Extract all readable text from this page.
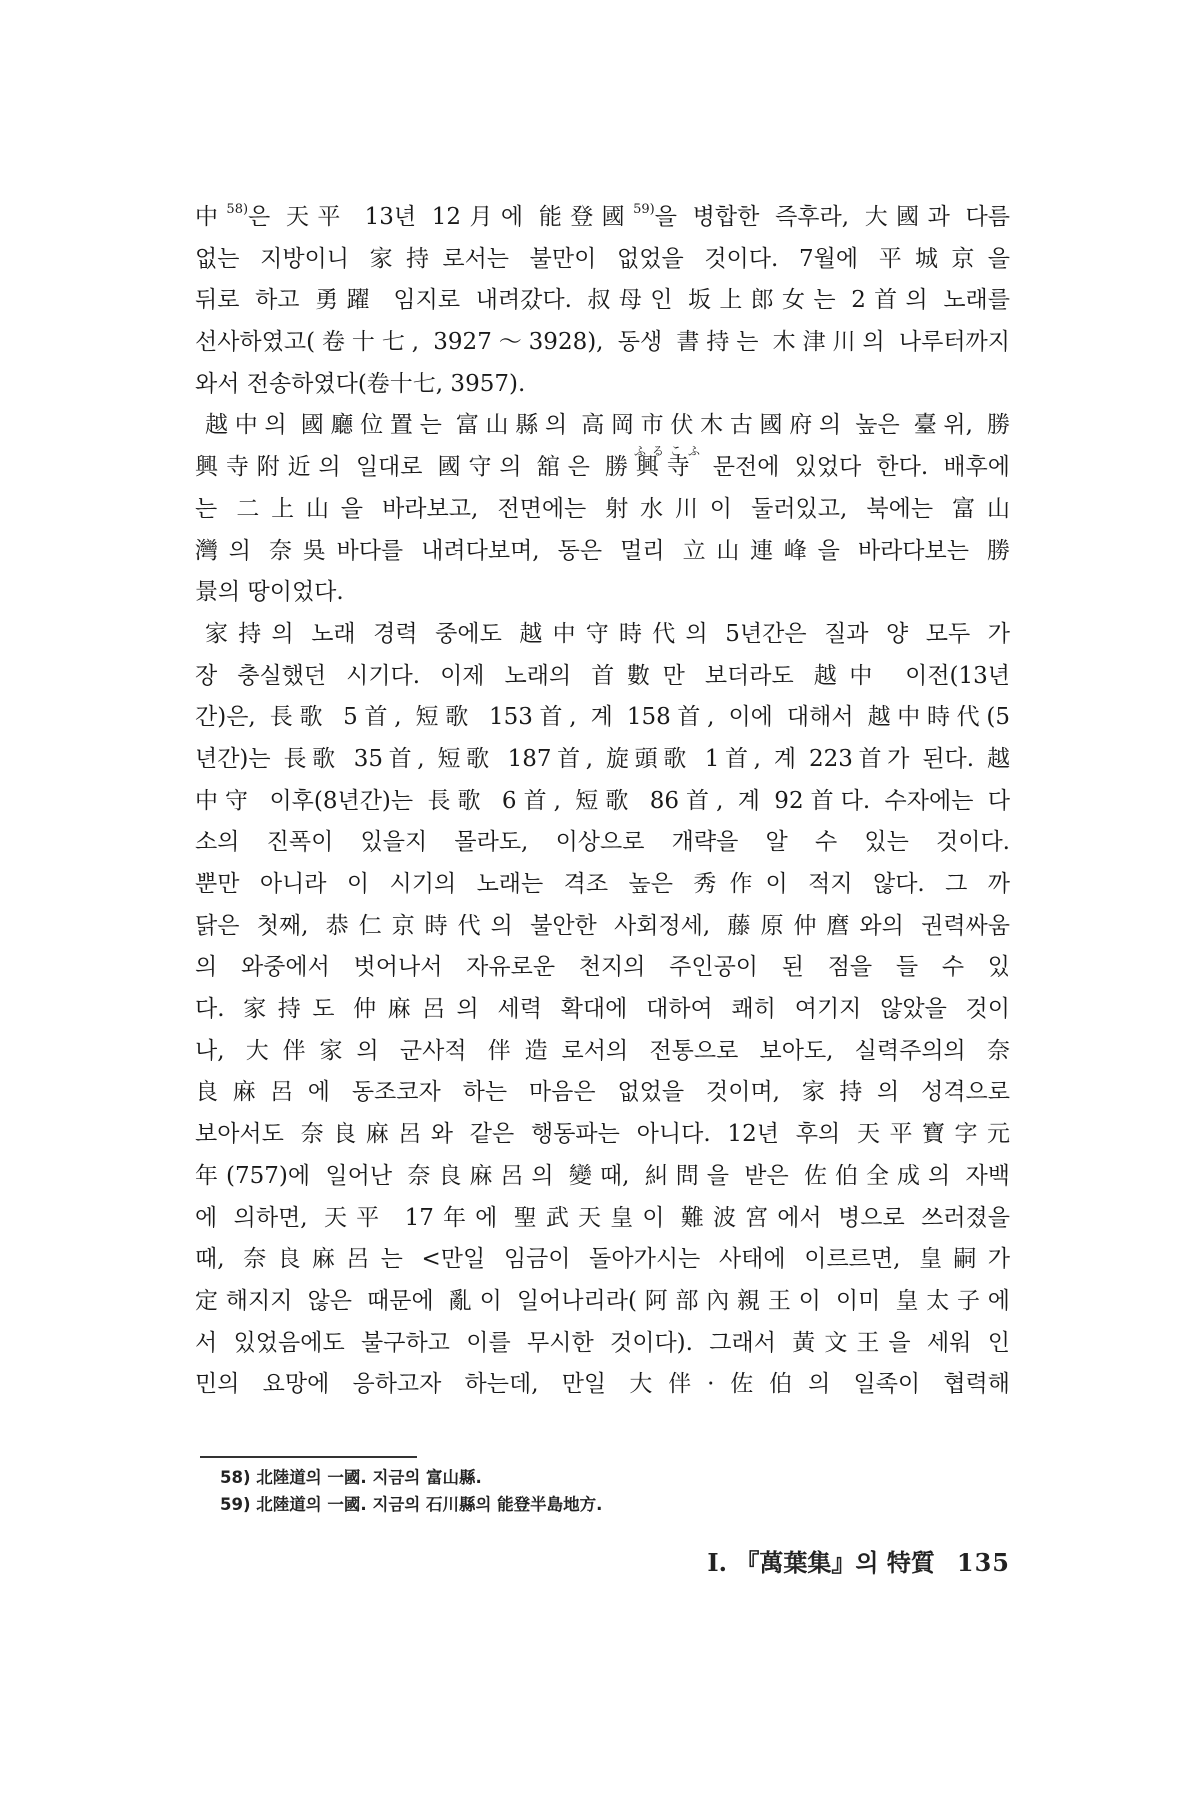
中$^{58)}$은 天平 13년 12月에 能登國$^{59)}$을 병합한 즉후라, 大國과 다름
없는 지방이니 家持로서는 불만이 없었을 것이다. 7월에 平城京을
뒤로 하고 勇躍 임지로 내려갔다. 叔母인 坂上郎女는 2首의 노래를
선사하였고(卷十七, 3927～3928), 동생 書持는 木津川의 나루터까지
와서 전송하였다(卷十七, 3957).
越中의 國廳位置는 富山縣의 高岡市伏木古國府의 높은 臺위, 勝
興寺附近의 일대로 國守의 舘은 勝興寺 문전에 있었다 한다. 배후에
는 二上山을 바라보고, 전면에는 射水川이 둘러있고, 북에는 富山
灣의 奈吳바다를 내려다보며, 동은 멀리 立山連峰을 바라다보는 勝
景의 땅이었다.
家持의 노래 경력 중에도 越中守時代의 5년간은 질과 양 모두 가
장 충실했던 시기다. 이제 노래의 首數만 보더라도 越中 이전(13년
간)은, 長歌 5首, 短歌 153首, 계 158首, 이에 대해서 越中時代(5
년간)는 長歌 35首, 短歌 187首, 旋頭歌 1首, 계 223首가 된다. 越
中守 이후(8년간)는 長歌 6首, 短歌 86首, 계 92首다. 수자에는 다
소의 진폭이 있을지 몰라도, 이상으로 개략을 알 수 있는 것이다.
뿐만 아니라 이 시기의 노래는 격조 높은 秀作이 적지 않다. 그 까
닭은 첫째, 恭仁京時代의 불안한 사회정세, 藤原仲麿와의 권력싸움
의 와중에서 벗어나서 자유로운 천지의 주인공이 된 점을 들 수 있
다. 家持도 仲麻呂의 세력 확대에 대하여 쾌히 여기지 않았을 것이
나, 大伴家의 군사적 伴造로서의 전통으로 보아도, 실력주의의 奈
良麻呂에 동조코자 하는 마음은 없었을 것이며, 家持의 성격으로
보아서도 奈良麻呂와 같은 행동파는 아니다. 12년 후의 天平寶字元
年(757)에 일어난 奈良麻呂의 變때, 糾問을 받은 佐伯全成의 자백
에 의하면, 天平 17年에 聖武天皇이 難波宮에서 병으로 쓰러졌을
때, 奈良麻呂는 <만일 임금이 돌아가시는 사태에 이르르면, 皇嗣가
定해지지 않은 때문에 亂이 일어나리라(阿部內親王이 이미 皇太子에
서 있었음에도 불구하고 이를 무시한 것이다). 그래서 黃文王을 세워 인
민의 요망에 응하고자 하는데, 만일 大伴·佐伯의 일족이 협력해
ふるこふ
58) 北陸道의 一國. 지금의 富山縣.
59) 北陸道의 一國. 지금의 石川縣의 能登半島地方.
I. 『萬葉集』의 特質 135
